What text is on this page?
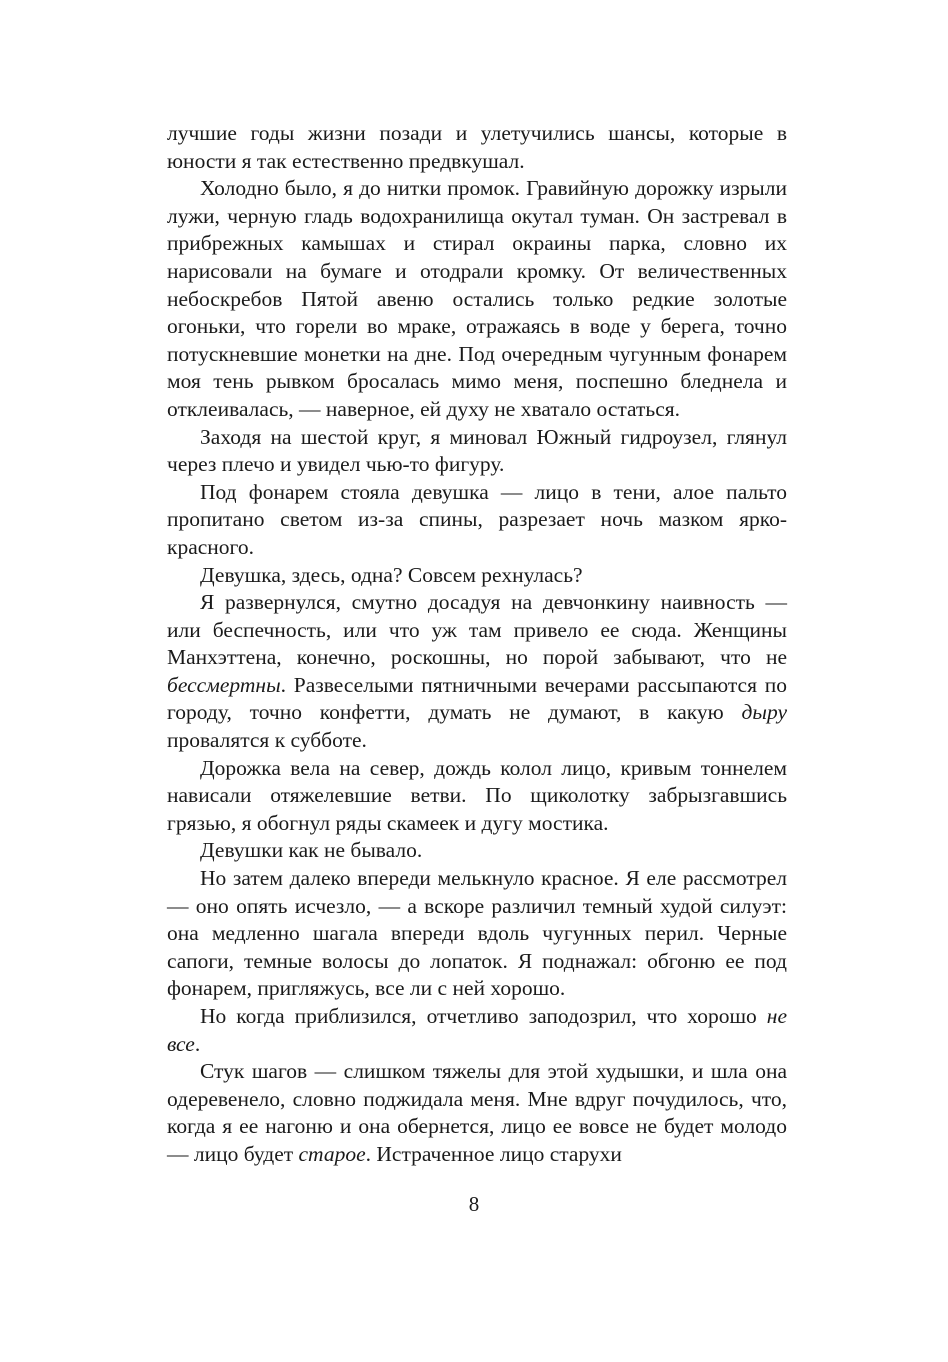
лучшие годы жизни позади и улетучились шансы, которые в юности я так естественно предвкушал.

Холодно было, я до нитки промок. Гравийную дорожку изрыли лужи, черную гладь водохранилища окутал туман. Он застревал в прибрежных камышах и стирал окраины парка, словно их нарисовали на бумаге и отодрали кромку. От величественных небоскребов Пятой авеню остались только редкие золотые огоньки, что горели во мраке, отражаясь в воде у берега, точно потускневшие монетки на дне. Под очередным чугунным фонарем моя тень рывком бросалась мимо меня, поспешно бледнела и отклеивалась, — наверное, ей духу не хватало остаться.

Заходя на шестой круг, я миновал Южный гидроузел, глянул через плечо и увидел чью-то фигуру.

Под фонарем стояла девушка — лицо в тени, алое пальто пропитано светом из-за спины, разрезает ночь мазком ярко-красного.

Девушка, здесь, одна? Совсем рехнулась?

Я развернулся, смутно досадуя на девчонкину наивность — или беспечность, или что уж там привело ее сюда. Женщины Манхэттена, конечно, роскошны, но порой забывают, что не бессмертны. Развеселыми пятничными вечерами рассыпаются по городу, точно конфетти, думать не думают, в какую дыру провалятся к субботе.

Дорожка вела на север, дождь колол лицо, кривым тоннелем нависали отяжелевшие ветви. По щиколотку забрызгавшись грязью, я обогнул ряды скамеек и дугу мостика.

Девушки как не бывало.

Но затем далеко впереди мелькнуло красное. Я еле рассмотрел — оно опять исчезло, — а вскоре различил темный худой силуэт: она медленно шагала впереди вдоль чугунных перил. Черные сапоги, темные волосы до лопаток. Я поднажал: обгоню ее под фонарем, пригляжусь, все ли с ней хорошо.

Но когда приблизился, отчетливо заподозрил, что хорошо не все.

Стук шагов — слишком тяжелы для этой худышки, и шла она одеревенело, словно поджидала меня. Мне вдруг почудилось, что, когда я ее нагоню и она обернется, лицо ее вовсе не будет молодо — лицо будет старое. Истраченное лицо старухи

8
